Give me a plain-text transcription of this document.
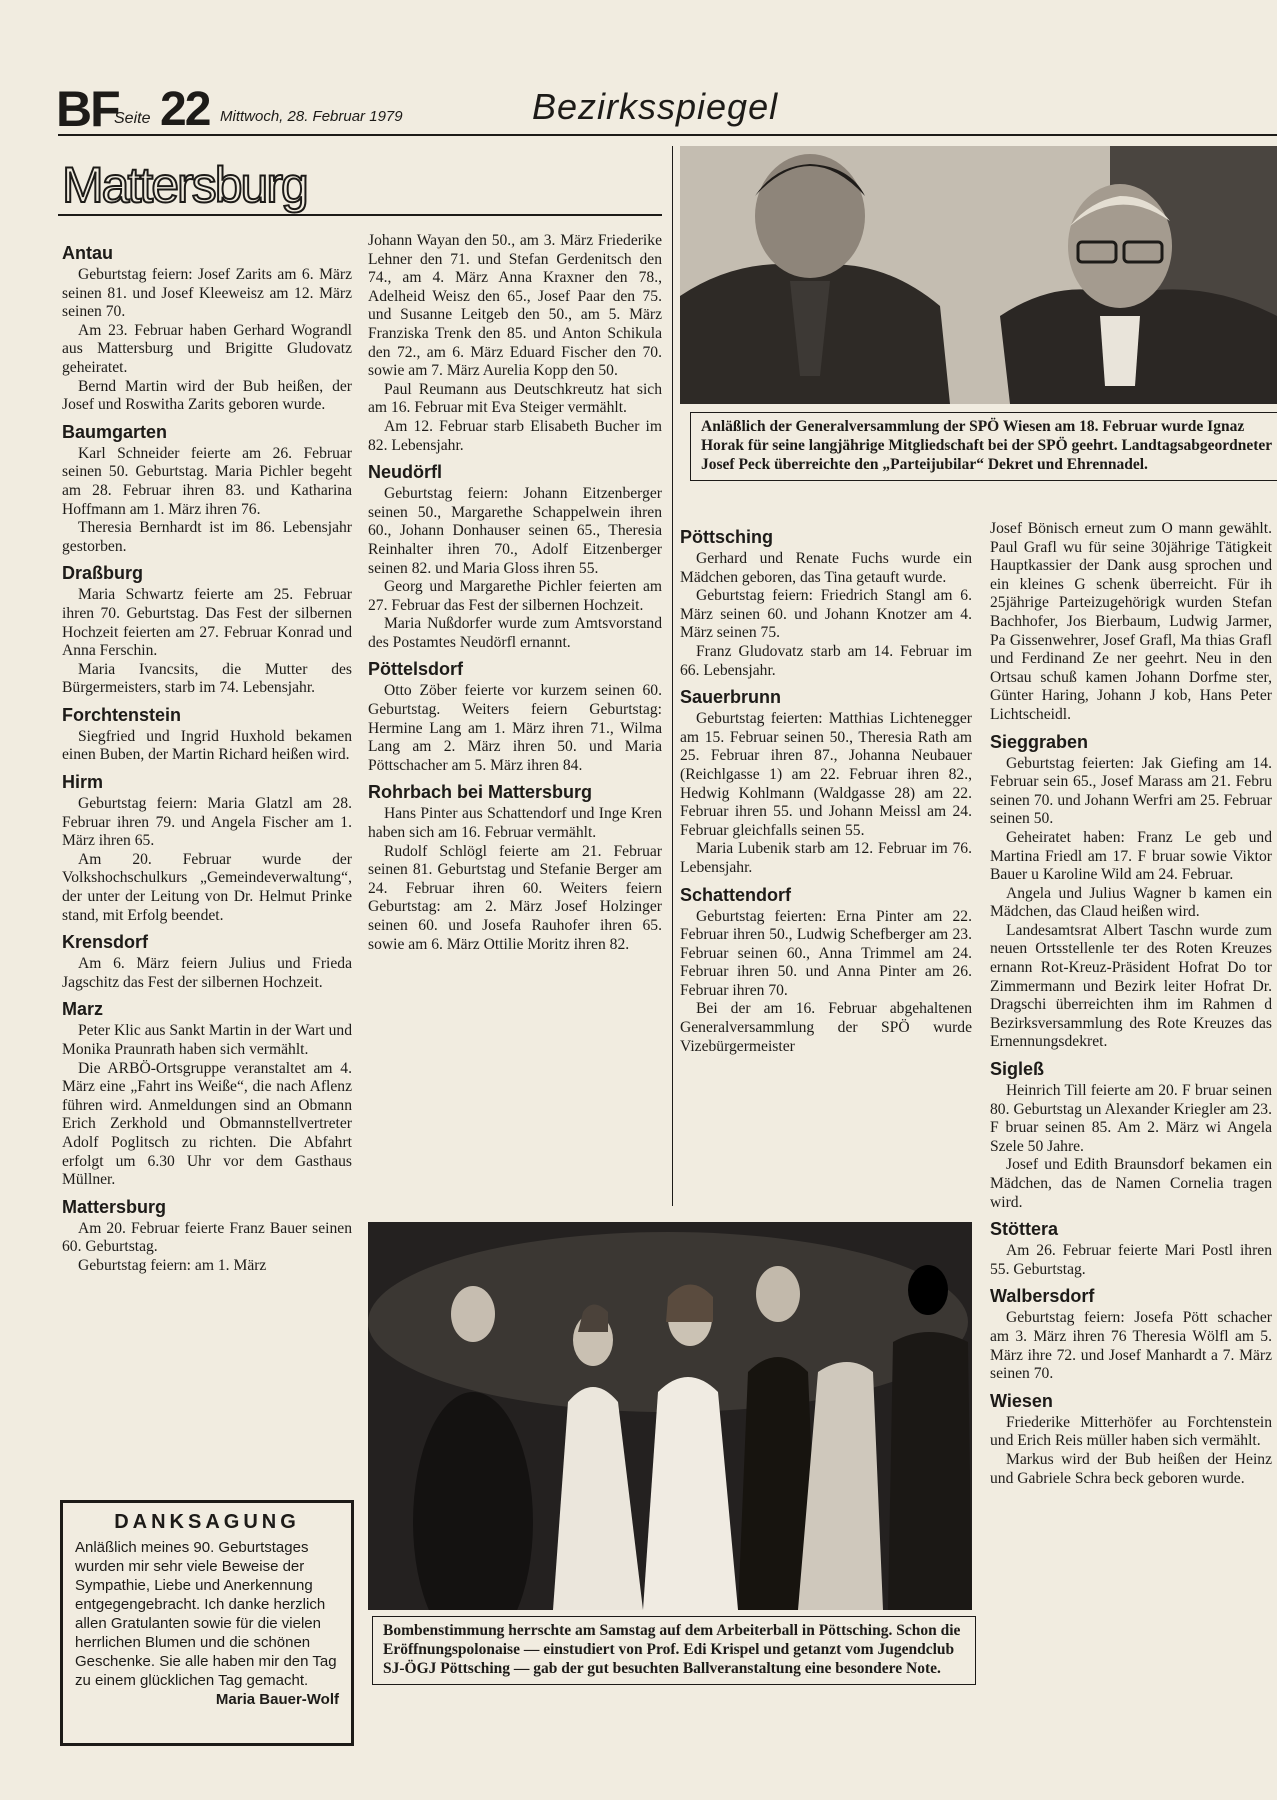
BF
Seite 22 Mittwoch, 28. Februar 1979	Bezirksspiegel
Mattersburg
Antau

Geburtstag feiern: Josef Zarits am 6. März seinen 81. und Josef Kleeweisz am 12. März seinen 70.

Am 23. Februar haben Gerhard Wograndl aus Mattersburg und Brigitte Gludovatz geheiratet.

Bernd Martin wird der Bub heißen, der Josef und Roswitha Zarits geboren wurde.

Baumgarten

Karl Schneider feierte am 26. Februar seinen 50. Geburtstag. Maria Pichler begeht am 28. Februar ihren 83. und Katharina Hoffmann am 1. März ihren 76.

Theresia Bernhardt ist im 86. Lebensjahr gestorben.

Draßburg

Maria Schwartz feierte am 25. Februar ihren 70. Geburtstag. Das Fest der silbernen Hochzeit feierten am 27. Februar Konrad und Anna Ferschin.

Maria Ivancsits, die Mutter des Bürgermeisters, starb im 74. Lebensjahr.

Forchtenstein

Siegfried und Ingrid Huxhold bekamen einen Buben, der Martin Richard heißen wird.

Hirm

Geburtstag feiern: Maria Glatzl am 28. Februar ihren 79. und Angela Fischer am 1. März ihren 65.

Am 20. Februar wurde der Volkshochschulkurs „Gemeindeverwaltung“, der unter der Leitung von Dr. Helmut Prinke stand, mit Erfolg beendet.

Krensdorf

Am 6. März feiern Julius und Frieda Jagschitz das Fest der silbernen Hochzeit.

Marz

Peter Klic aus Sankt Martin in der Wart und Monika Praunrath haben sich vermählt.

Die ARBÖ-Ortsgruppe veranstaltet am 4. März eine „Fahrt ins Weiße“, die nach Aflenz führen wird. Anmeldungen sind an Obmann Erich Zerkhold und Obmannstellvertreter Adolf Poglitsch zu richten. Die Abfahrt erfolgt um 6.30 Uhr vor dem Gasthaus Müllner.

Mattersburg

Am 20. Februar feierte Franz Bauer seinen 60. Geburtstag.

Geburtstag feiern: am 1. März

Johann Wayan den 50., am 3. März Friederike Lehner den 71. und Stefan Gerdenitsch den 74., am 4. März Anna Kraxner den 78., Adelheid Weisz den 65., Josef Paar den 75. und Susanne Leitgeb den 50., am 5. März Franziska Trenk den 85. und Anton Schikula den 72., am 6. März Eduard Fischer den 70. sowie am 7. März Aurelia Kopp den 50.

Paul Reumann aus Deutschkreutz hat sich am 16. Februar mit Eva Steiger vermählt.

Am 12. Februar starb Elisabeth Bucher im 82. Lebensjahr.

Neudörfl

Geburtstag feiern: Johann Eitzenberger seinen 50., Margarethe Schappelwein ihren 60., Johann Donhauser seinen 65., Theresia Reinhalter ihren 70., Adolf Eitzenberger seinen 82. und Maria Gloss ihren 55.

Georg und Margarethe Pichler feierten am 27. Februar das Fest der silbernen Hochzeit.

Maria Nußdorfer wurde zum Amtsvorstand des Postamtes Neudörfl ernannt.

Pöttelsdorf

Otto Zöber feierte vor kurzem seinen 60. Geburtstag. Weiters feiern Geburtstag: Hermine Lang am 1. März ihren 71., Wilma Lang am 2. März ihren 50. und Maria Pöttschacher am 5. März ihren 84.

Rohrbach bei Mattersburg

Hans Pinter aus Schattendorf und Inge Kren haben sich am 16. Februar vermählt.

Rudolf Schlögl feierte am 21. Februar seinen 81. Geburtstag und Stefanie Berger am 24. Februar ihren 60. Weiters feiern Geburtstag: am 2. März Josef Holzinger seinen 60. und Josefa Rauhofer ihren 65. sowie am 6. März Ottilie Moritz ihren 82.

Pöttsching

Gerhard und Renate Fuchs wurde ein Mädchen geboren, das Tina getauft wurde.

Geburtstag feiern: Friedrich Stangl am 6. März seinen 60. und Johann Knotzer am 4. März seinen 75.

Franz Gludovatz starb am 14. Februar im 66. Lebensjahr.

Sauerbrunn

Geburtstag feierten: Matthias Lichtenegger am 15. Februar seinen 50., Theresia Rath am 25. Februar ihren 87., Johanna Neubauer (Reichlgasse 1) am 22. Februar ihren 82., Hedwig Kohlmann (Waldgasse 28) am 22. Februar ihren 55. und Johann Meissl am 24. Februar gleichfalls seinen 55.

Maria Lubenik starb am 12. Februar im 76. Lebensjahr.

Schattendorf

Geburtstag feierten: Erna Pinter am 22. Februar ihren 50., Ludwig Schefberger am 23. Februar seinen 60., Anna Trimmel am 24. Februar ihren 50. und Anna Pinter am 26. Februar ihren 70.

Bei der am 16. Februar abgehaltenen Generalversammlung der SPÖ wurde Vizebürgermeister

Josef Bönisch erneut zum O mann gewählt. Paul Grafl wu für seine 30jährige Tätigkeit Hauptkassier der Dank ausg sprochen und ein kleines G schenk überreicht. Für ih 25jährige Parteizugehörigk wurden Stefan Bachhofer, Jos Bierbaum, Ludwig Jarmer, Pa Gissenwehrer, Josef Grafl, Ma thias Grafl und Ferdinand Ze ner geehrt. Neu in den Ortsau schuß kamen Johann Dorfme ster, Günter Haring, Johann J kob, Hans Peter Lichtscheidl.

Sieggraben

Geburtstag feierten: Jak Giefing am 14. Februar sein 65., Josef Marass am 21. Febru seinen 70. und Johann Werfri am 25. Februar seinen 50.

Geheiratet haben: Franz Le geb und Martina Friedl am 17. F bruar sowie Viktor Bauer u Karoline Wild am 24. Februar.

Angela und Julius Wagner b kamen ein Mädchen, das Claud heißen wird.

Landesamtsrat Albert Taschn wurde zum neuen Ortsstellenle ter des Roten Kreuzes ernann Rot-Kreuz-Präsident Hofrat Do tor Zimmermann und Bezirk leiter Hofrat Dr. Dragschi überreichten ihm im Rahmen d Bezirksversammlung des Rote Kreuzes das Ernennungsdekret.

Sigleß

Heinrich Till feierte am 20. F bruar seinen 80. Geburtstag un Alexander Kriegler am 23. F bruar seinen 85. Am 2. März wi Angela Szele 50 Jahre.

Josef und Edith Braunsdorf bekamen ein Mädchen, das de Namen Cornelia tragen wird.

Stöttera

Am 26. Februar feierte Mari Postl ihren 55. Geburtstag.

Walbersdorf

Geburtstag feiern: Josefa Pött schacher am 3. März ihren 76 Theresia Wölfl am 5. März ihre 72. und Josef Manhardt a 7. März seinen 70.

Wiesen

Friederike Mitterhöfer au Forchtenstein und Erich Reis müller haben sich vermählt.

Markus wird der Bub heißen der Heinz und Gabriele Schra beck geboren wurde.

Anläßlich der Generalversammlung der SPÖ Wiesen am 18. Februar wurde Ignaz Horak für seine langjährige Mitgliedschaft bei der SPÖ geehrt. Landtagsabgeordneter Josef Peck überreichte den „Parteijubilar“ Dekret und Ehrennadel.
Bombenstimmung herrschte am Samstag auf dem Arbeiterball in Pöttsching. Schon die Eröffnungspolonaise — einstudiert von Prof. Edi Krispel und getanzt vom Jugendclub SJ-ÖGJ Pöttsching — gab der gut besuchten Ballveranstaltung eine besondere Note.
DANKSAGUNG
Anläßlich meines 90. Geburtstages wurden mir sehr viele Beweise der Sympathie, Liebe und Anerkennung entgegengebracht. Ich danke herzlich allen Gratulanten sowie für die vielen herrlichen Blumen und die schönen Geschenke. Sie alle haben mir den Tag zu einem glücklichen Tag gemacht.
Maria Bauer-Wolf
